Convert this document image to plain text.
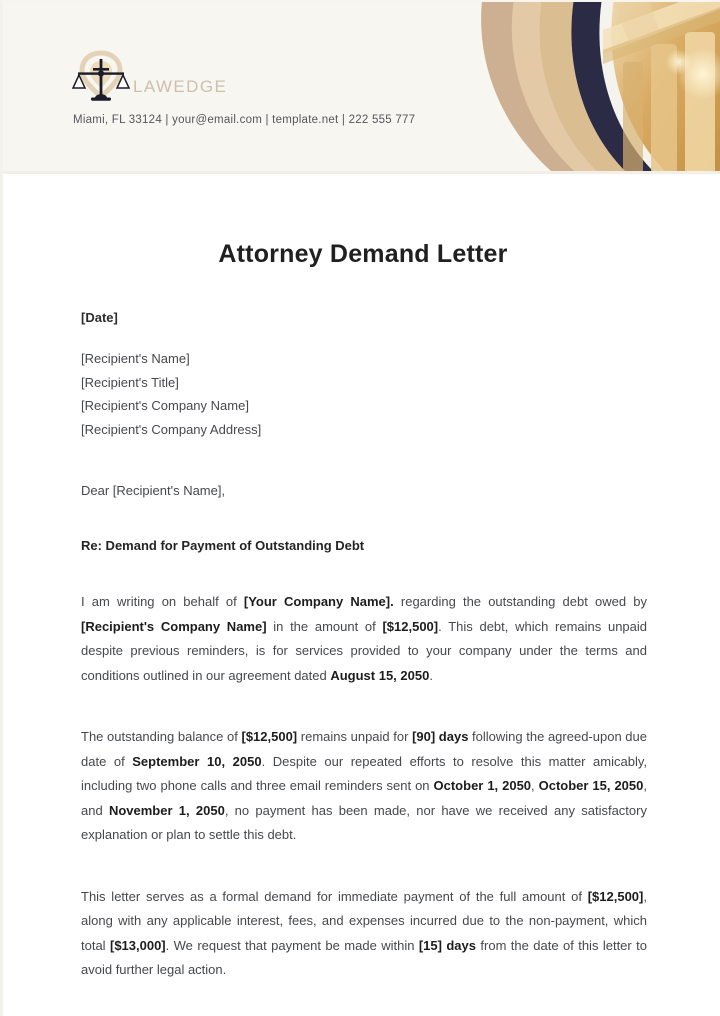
LAWEDGE
Miami, FL 33124 | your@email.com | template.net | 222 555 777
Attorney Demand Letter
[Date]
[Recipient's Name]
[Recipient's Title]
[Recipient's Company Name]
[Recipient's Company Address]
Dear [Recipient's Name],
Re: Demand for Payment of Outstanding Debt
I am writing on behalf of [Your Company Name]. regarding the outstanding debt owed by [Recipient's Company Name] in the amount of [$12,500]. This debt, which remains unpaid despite previous reminders, is for services provided to your company under the terms and conditions outlined in our agreement dated August 15, 2050.
The outstanding balance of [$12,500] remains unpaid for [90] days following the agreed-upon due date of September 10, 2050. Despite our repeated efforts to resolve this matter amicably, including two phone calls and three email reminders sent on October 1, 2050, October 15, 2050, and November 1, 2050, no payment has been made, nor have we received any satisfactory explanation or plan to settle this debt.
This letter serves as a formal demand for immediate payment of the full amount of [$12,500], along with any applicable interest, fees, and expenses incurred due to the non-payment, which total [$13,000]. We request that payment be made within [15] days from the date of this letter to avoid further legal action.
